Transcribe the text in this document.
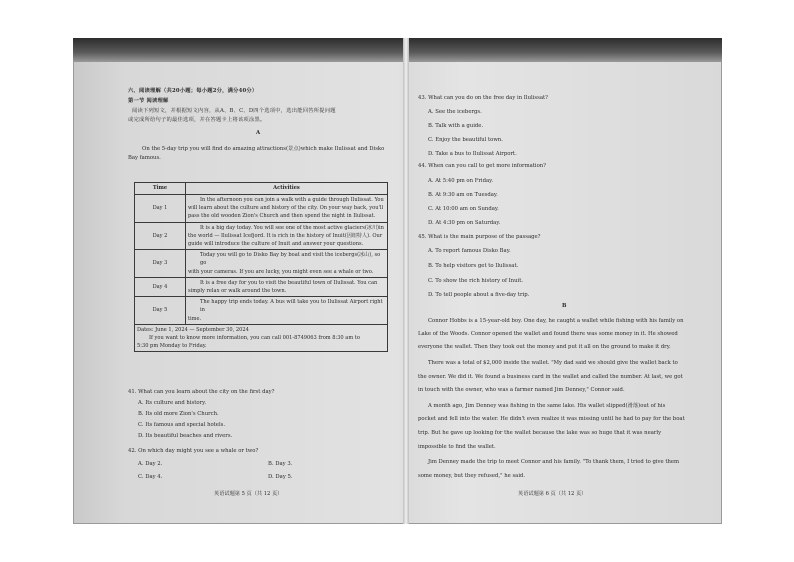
六、阅读理解（共20小题；每小题2分，满分40分）
第一节 阅读理解
阅读下列短文，并根据短文内容，从A、B、C、D四个选项中，选出能回答所提问题
或完成所给句子的最佳选项，并在答题卡上将该项涂黑。
A
On the 5-day trip you will find do amazing attractions(景点)which make Ilulissat and Disko
Bay famous.
Time	Activities
Day 1	In the afternoon you can join a walk with a guide through Ilulissat. You
will learn about the culture and history of the city. On your way back, you'll
pass the old wooden Zion's Church and then spend the night in Ilulissat.

Day 2	It is a big day today. You will see one of the most active glaciers(冰川)in
the world — Ilulissat Icefjord. It is rich in the history of Inuit(因纽特人). Our
guide will introduce the culture of Inuit and answer your questions.

Day 3	Today you will go to Disko Bay by boat and visit the icebergs(冰山), so go
with your cameras. If you are lucky, you might even see a whale or two.

Day 4	It is a free day for you to visit the beautiful town of Ilulissat. You can
simply relax or walk around the town.

Day 5	The happy trip ends today. A bus will take you to Ilulissat Airport right in
time.

Dates: June 1, 2024 — September 30, 2024
If you want to know more information, you can call 001-8749063 from 8:30 am to
5:30 pm Monday to Friday.	
41. What can you learn about the city on the first day?
A. Its culture and history.
B. Its old more Zion's Church.
C. Its famous and special hotels.
D. Its beautiful beaches and rivers.
42. On which day might you see a whale or two?
A. Day 2.	B. Day 3.
C. Day 4.	D. Day 5.
英语试题第 5 页（共 12 页）
43. What can you do on the free day in Ilulissat?
A. See the icebergs.
B. Talk with a guide.
C. Enjoy the beautiful town.
D. Take a bus to Ilulissat Airport.
44. When can you call to get more information?
A. At 5:40 pm on Friday.
B. At 9:30 am on Tuesday.
C. At 10:00 am on Sunday.
D. At 4:30 pm on Saturday.
45. What is the main purpose of the passage?
A. To report famous Disko Bay.
B. To help visitors get to Ilulissat.
C. To show the rich history of Inuit.
D. To tell people about a five-day trip.
B
Connor Hobbs is a 15-year-old boy. One day, he caught a wallet while fishing with his family on
Lake of the Woods. Connor opened the wallet and found there was some money in it. He showed
everyone the wallet. Then they took out the money and put it all on the ground to make it dry.
There was a total of $2,000 inside the wallet. "My dad said we should give the wallet back to
the owner. We did it. We found a business card in the wallet and called the number. At last, we got
in touch with the owner, who was a farmer named Jim Denney," Connor said.
A month ago, Jim Denney was fishing in the same lake. His wallet slipped(滑落)out of his
pocket and fell into the water. He didn't even realize it was missing until he had to pay for the boat
trip. But he gave up looking for the wallet because the lake was so huge that it was nearly
impossible to find the wallet.
Jim Denney made the trip to meet Connor and his family. "To thank them, I tried to give them
some money, but they refused," he said.
英语试题第 6 页（共 12 页）
